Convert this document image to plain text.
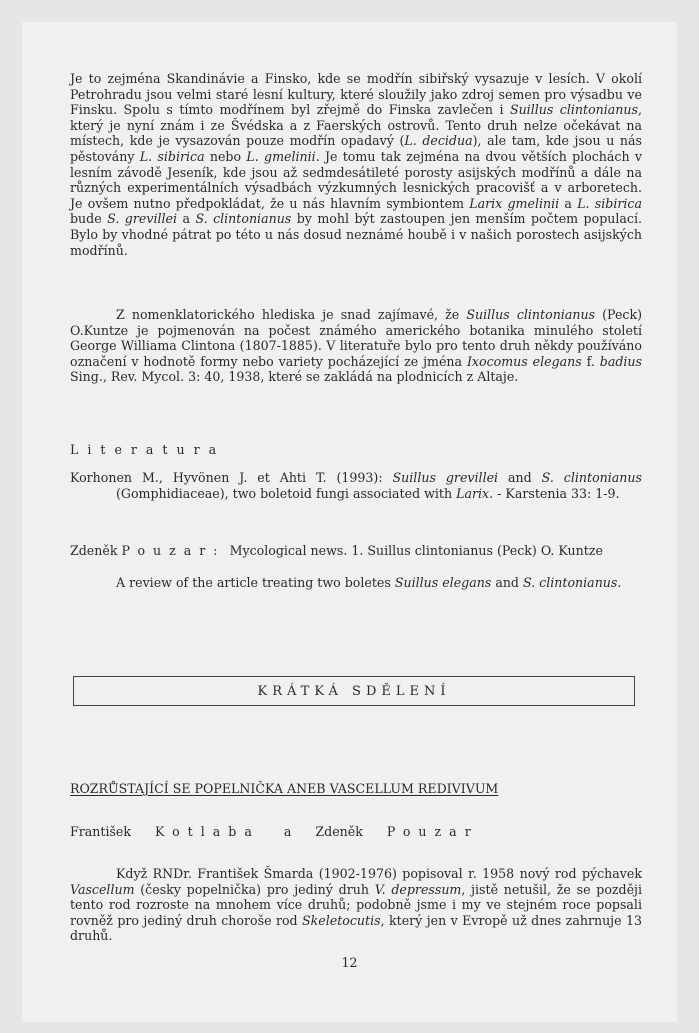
Je to zejména Skandinávie a Finsko, kde se modřín sibiřský vysazuje v lesích. V okolí Petrohradu jsou velmi staré lesní kultury, které sloužily jako zdroj semen pro výsadbu ve Finsku. Spolu s tímto modřínem byl zřejmě do Finska zavlečen i Suillus clintonianus, který je nyní znám i ze Švédska a z Faerských ostrovů. Tento druh nelze očekávat na místech, kde je vysazován pouze modřín opadavý (L. decidua), ale tam, kde jsou u nás pěstovány L. sibirica nebo L. gmelinii. Je tomu tak zejména na dvou větších plochách v lesním závodě Jeseník, kde jsou až sedmdesátileté porosty asijských modřínů a dále na různých experimentálních výsadbách výzkumných lesnických pracovišť a v arboretech. Je ovšem nutno předpokládat, že u nás hlavním symbiontem Larix gmelinii a L. sibirica bude S. grevillei a S. clintonianus by mohl být zastoupen jen menším počtem populací. Bylo by vhodné pátrat po této u nás dosud neznámé houbě i v našich porostech asijských modřínů.

Z nomenklatorického hlediska je snad zajímavé, že Suillus clintonianus (Peck) O.Kuntze je pojmenován na počest známého amerického botanika minulého století George Williama Clintona (1807-1885). V literatuře bylo pro tento druh někdy používáno označení v hodnotě formy nebo variety pocházející ze jména Ixocomus elegans f. badius Sing., Rev. Mycol. 3: 40, 1938, které se zakládá na plodnicích z Altaje.

Literatura

Korhonen M., Hyvönen J. et Ahti T. (1993): Suillus grevillei and S. clintonianus (Gomphidiaceae), two boletoid fungi associated with Larix. - Karstenia 33: 1-9.

Zdeněk Pouzar: Mycological news. 1. Suillus clintonianus (Peck) O. Kuntze

A review of the article treating two boletes Suillus elegans and S. clintonianus.

KRÁTKÁ SDĚLENÍ
ROZRŮSTAJÍCÍ SE POPELNIČKA ANEB VASCELLUM REDIVIVUM
František Kotlaba a Zdeněk Pouzar

Když RNDr. František Šmarda (1902-1976) popisoval r. 1958 nový rod pýchavek Vascellum (česky popelnička) pro jediný druh V. depressum, jistě netušil, že se později tento rod rozroste na mnohem více druhů; podobně jsme i my ve stejném roce popsali rovněž pro jediný druh choroše rod Skeletocutis, který jen v Evropě už dnes zahrnuje 13 druhů.

12
